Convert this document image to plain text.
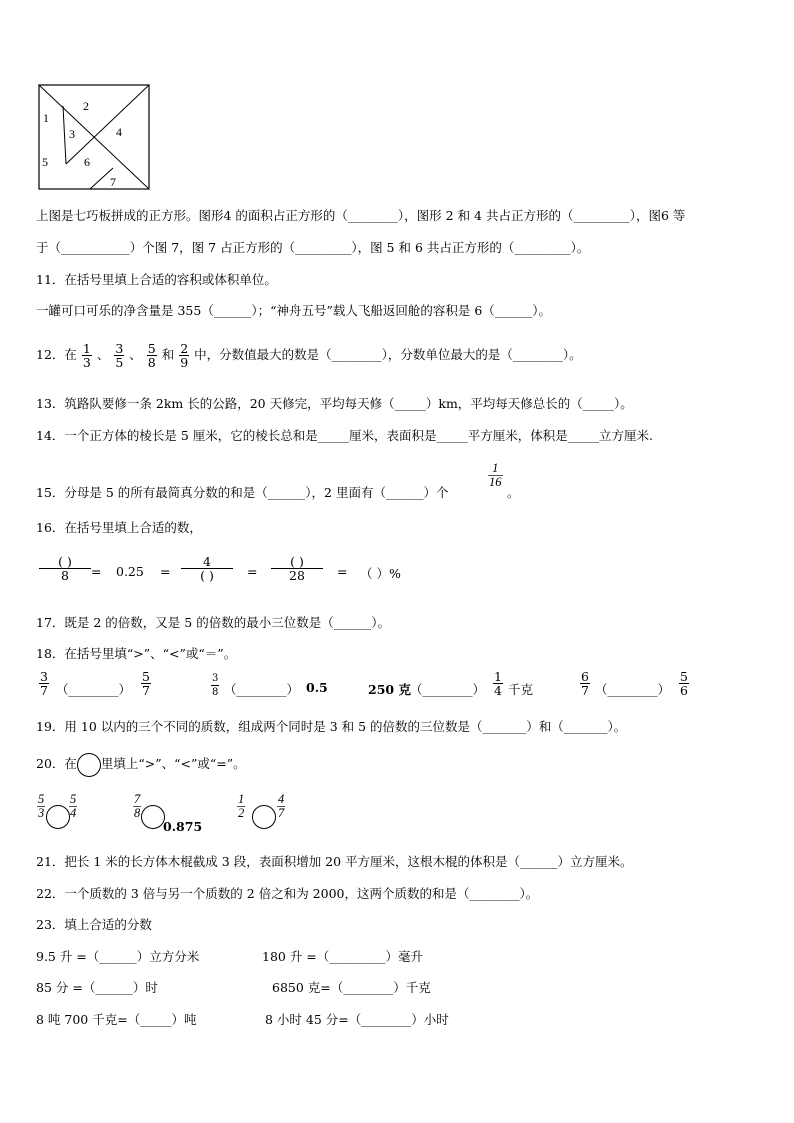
1
2
3	4
5	6
7
上图是七巧板拼成的正方形。图形4 的面积占正方形的（________），图形 2 和 4 共占正方形的（_________），图6 等
于（___________）个图 7，图 7 占正方形的（_________），图 5 和 6 共占正方形的（_________）。
11．在括号里填上合适的容积或体积单位。
一罐可口可乐的净含量是 355（______）；“神舟五号”载人飞船返回舱的容积是 6（______）。
12．在 $\frac{1}{3}$ 、 $\frac{3}{5}$ 、 $\frac{5}{8}$ 和 $\frac{2}{9}$ 中，分数值最大的数是（________），分数单位最大的是（________）。
13．筑路队要修一条 2km 长的公路，20 天修完，平均每天修（_____）km，平均每天修总长的（_____）。
14．一个正方体的棱长是 5 厘米，它的棱长总和是_____厘米，表面积是_____平方厘米，体积是_____立方厘米.
15．分母是 5 的所有最简真分数的和是（______），2 里面有（______）个
$\frac{1}{16}$
。
16．在括号里填上合适的数，
( )
8	= 0.25 =
4
( )	=
( )
28	= （ ）%
17．既是 2 的倍数，又是 5 的倍数的最小三位数是（______）。
18．在括号里填“>”、“<”或“＝”。
$\frac{3}{7}$ （________） $\frac{5}{7}$	$\frac{3}{8}$ （________） 0.5	250 克 （________） $\frac{1}{4}$ 千克	$\frac{6}{7}$ （________） $\frac{5}{6}$
19．用 10 以内的三个不同的质数，组成两个同时是 3 和 5 的倍数的三位数是（_______）和（_______）。
20．在 里填上“>”、“<”或“=”。
$\frac{5}{3} \frac{5}{4}$	$\frac{7}{8}$
0.875
$\frac{1}{2}$	$\frac{4}{7}$
21．把长 1 米的长方体木棍截成 3 段，表面积增加 20 平方厘米，这根木棍的体积是（______）立方厘米。
22．一个质数的 3 倍与另一个质数的 2 倍之和为 2000，这两个质数的和是（________）。
23．填上合适的分数
9.5 升 =（______）立方分米	180 升 =（_________）毫升
85 分 =（______）时	6850 克=（________）千克
8 吨 700 千克=（_____）吨	8 小时 45 分=（________）小时
